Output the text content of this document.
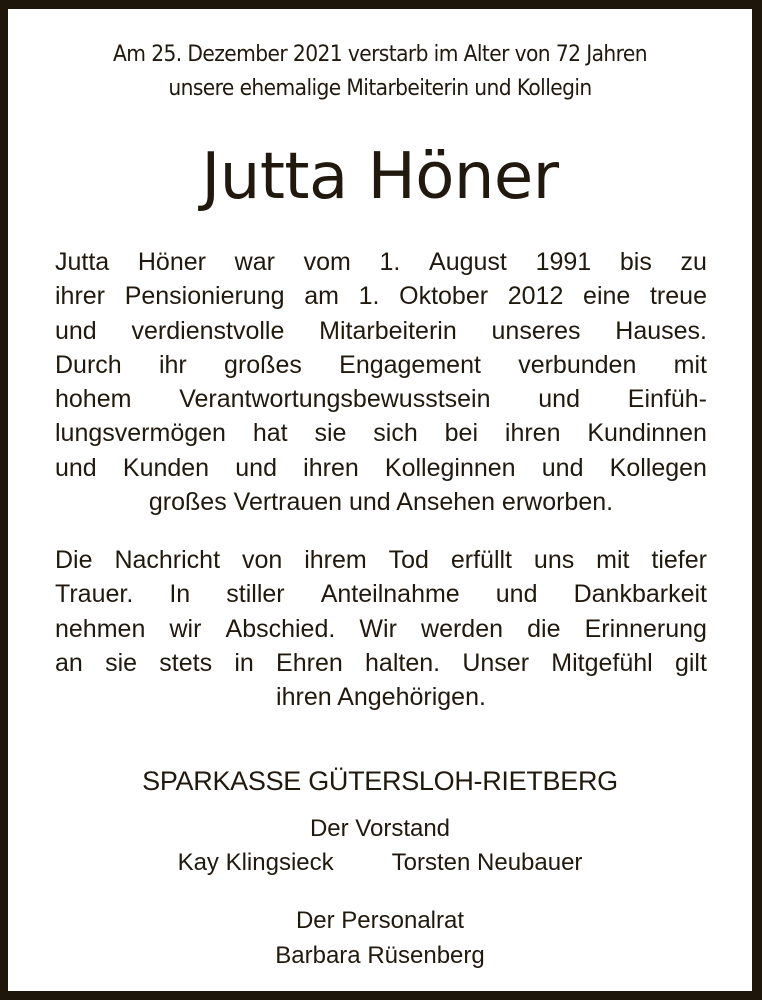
Am 25. Dezember 2021 verstarb im Alter von 72 Jahren
unsere ehemalige Mitarbeiterin und Kollegin
Jutta Höner
Jutta Höner war vom 1. August 1991 bis zu
ihrer Pensionierung am 1. Oktober 2012 eine treue
und verdienstvolle Mitarbeiterin unseres Hauses.
Durch ihr großes Engagement verbunden mit
hohem Verantwortungsbewusstsein und Einfüh-
lungsvermögen hat sie sich bei ihren Kundinnen
und Kunden und ihren Kolleginnen und Kollegen
großes Vertrauen und Ansehen erworben.
Die Nachricht von ihrem Tod erfüllt uns mit tiefer
Trauer. In stiller Anteilnahme und Dankbarkeit
nehmen wir Abschied. Wir werden die Erinnerung
an sie stets in Ehren halten. Unser Mitgefühl gilt
ihren Angehörigen.
SPARKASSE GÜTERSLOH-RIETBERG
Der Vorstand
Kay Klingsieck Torsten Neubauer
Der Personalrat
Barbara Rüsenberg
